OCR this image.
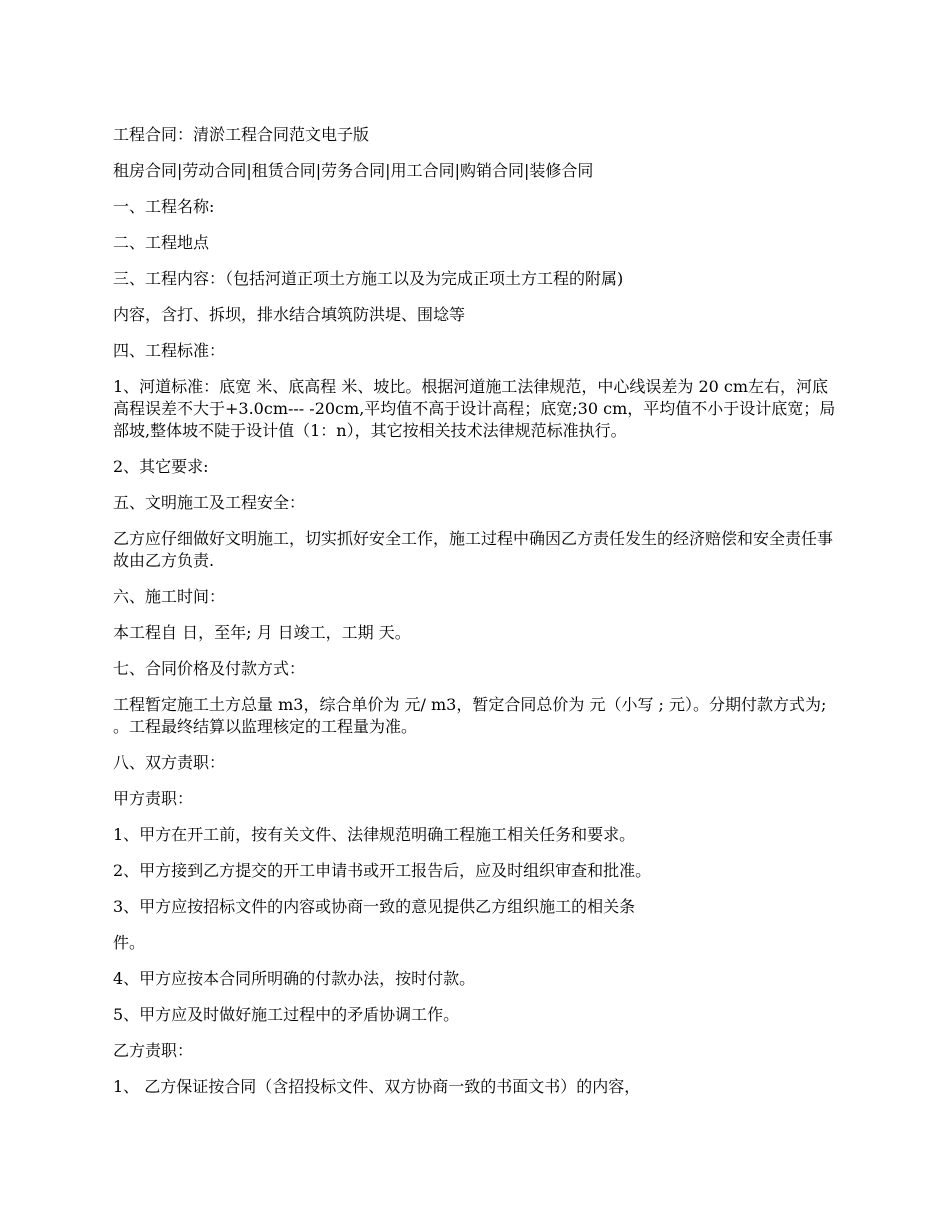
工程合同：清淤工程合同范文电子版

租房合同|劳动合同|租赁合同|劳务合同|用工合同|购销合同|装修合同

一、工程名称:

二、工程地点

三、工程内容：（包括河道正项土方施工以及为完成正项土方工程的附属)

内容，含打、拆坝，排水结合填筑防洪堤、围埝等

四、工程标准：

1、河道标准：底宽 米、底高程 米、坡比。根据河道施工法律规范，中心线误差为 20 cm左右，河底高程误差不大于+3.0cm--- -20cm,平均值不高于设计高程；底宽;30 cm，平均值不小于设计底宽；局部坡,整体坡不陡于设计值（1：n），其它按相关技术法律规范标准执行。

2、其它要求:

五、文明施工及工程安全：

乙方应仔细做好文明施工，切实抓好安全工作，施工过程中确因乙方责任发生的经济赔偿和安全责任事故由乙方负责.

六、施工时间：

本工程自 日，至年; 月 日竣工，工期 天。

七、合同价格及付款方式：

工程暂定施工土方总量 m3，综合单价为 元/ m3，暂定合同总价为 元（小写 ; 元）。分期付款方式为; 。工程最终结算以监理核定的工程量为准。

八、双方责职：

甲方责职：

1、甲方在开工前，按有关文件、法律规范明确工程施工相关任务和要求。

2、甲方接到乙方提交的开工申请书或开工报告后，应及时组织审查和批准。

3、甲方应按招标文件的内容或协商一致的意见提供乙方组织施工的相关条

件。

4、甲方应按本合同所明确的付款办法，按时付款。

5、甲方应及时做好施工过程中的矛盾协调工作。

乙方责职：

1、 乙方保证按合同（含招投标文件、双方协商一致的书面文书）的内容，
